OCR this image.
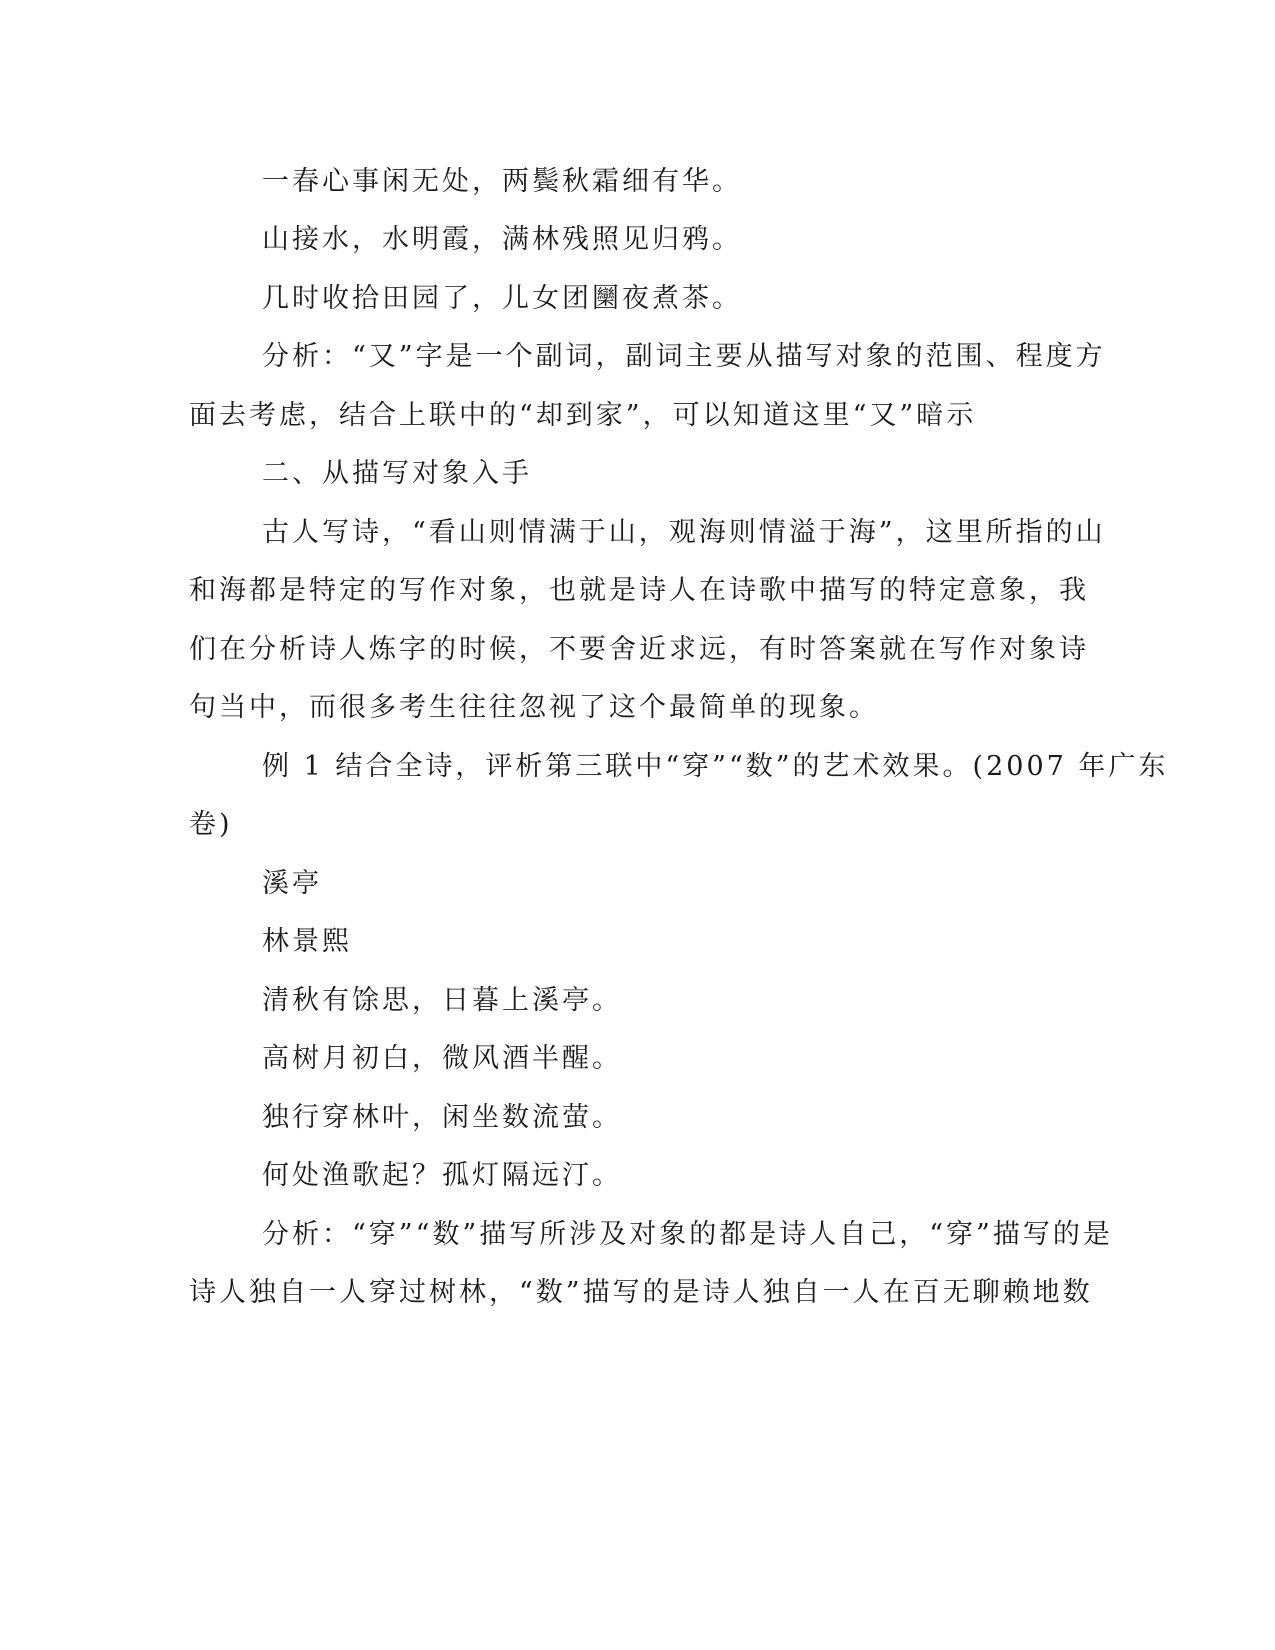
一春心事闲无处，两鬓秋霜细有华。
山接水，水明霞，满林残照见归鸦。
几时收拾田园了，儿女团圞夜煮茶。
分析：“又”字是一个副词，副词主要从描写对象的范围、程度方
面去考虑，结合上联中的“却到家”，可以知道这里“又”暗示
二、从描写对象入手
古人写诗，“看山则情满于山，观海则情溢于海”，这里所指的山
和海都是特定的写作对象，也就是诗人在诗歌中描写的特定意象，我
们在分析诗人炼字的时候，不要舍近求远，有时答案就在写作对象诗
句当中，而很多考生往往忽视了这个最简单的现象。
例 1 结合全诗，评析第三联中“穿”“数”的艺术效果。(2007 年广东
卷)
溪亭
林景熙
清秋有馀思，日暮上溪亭。
高树月初白，微风酒半醒。
独行穿林叶，闲坐数流萤。
何处渔歌起？孤灯隔远汀。
分析：“穿”“数”描写所涉及对象的都是诗人自己，“穿”描写的是
诗人独自一人穿过树林，“数”描写的是诗人独自一人在百无聊赖地数
